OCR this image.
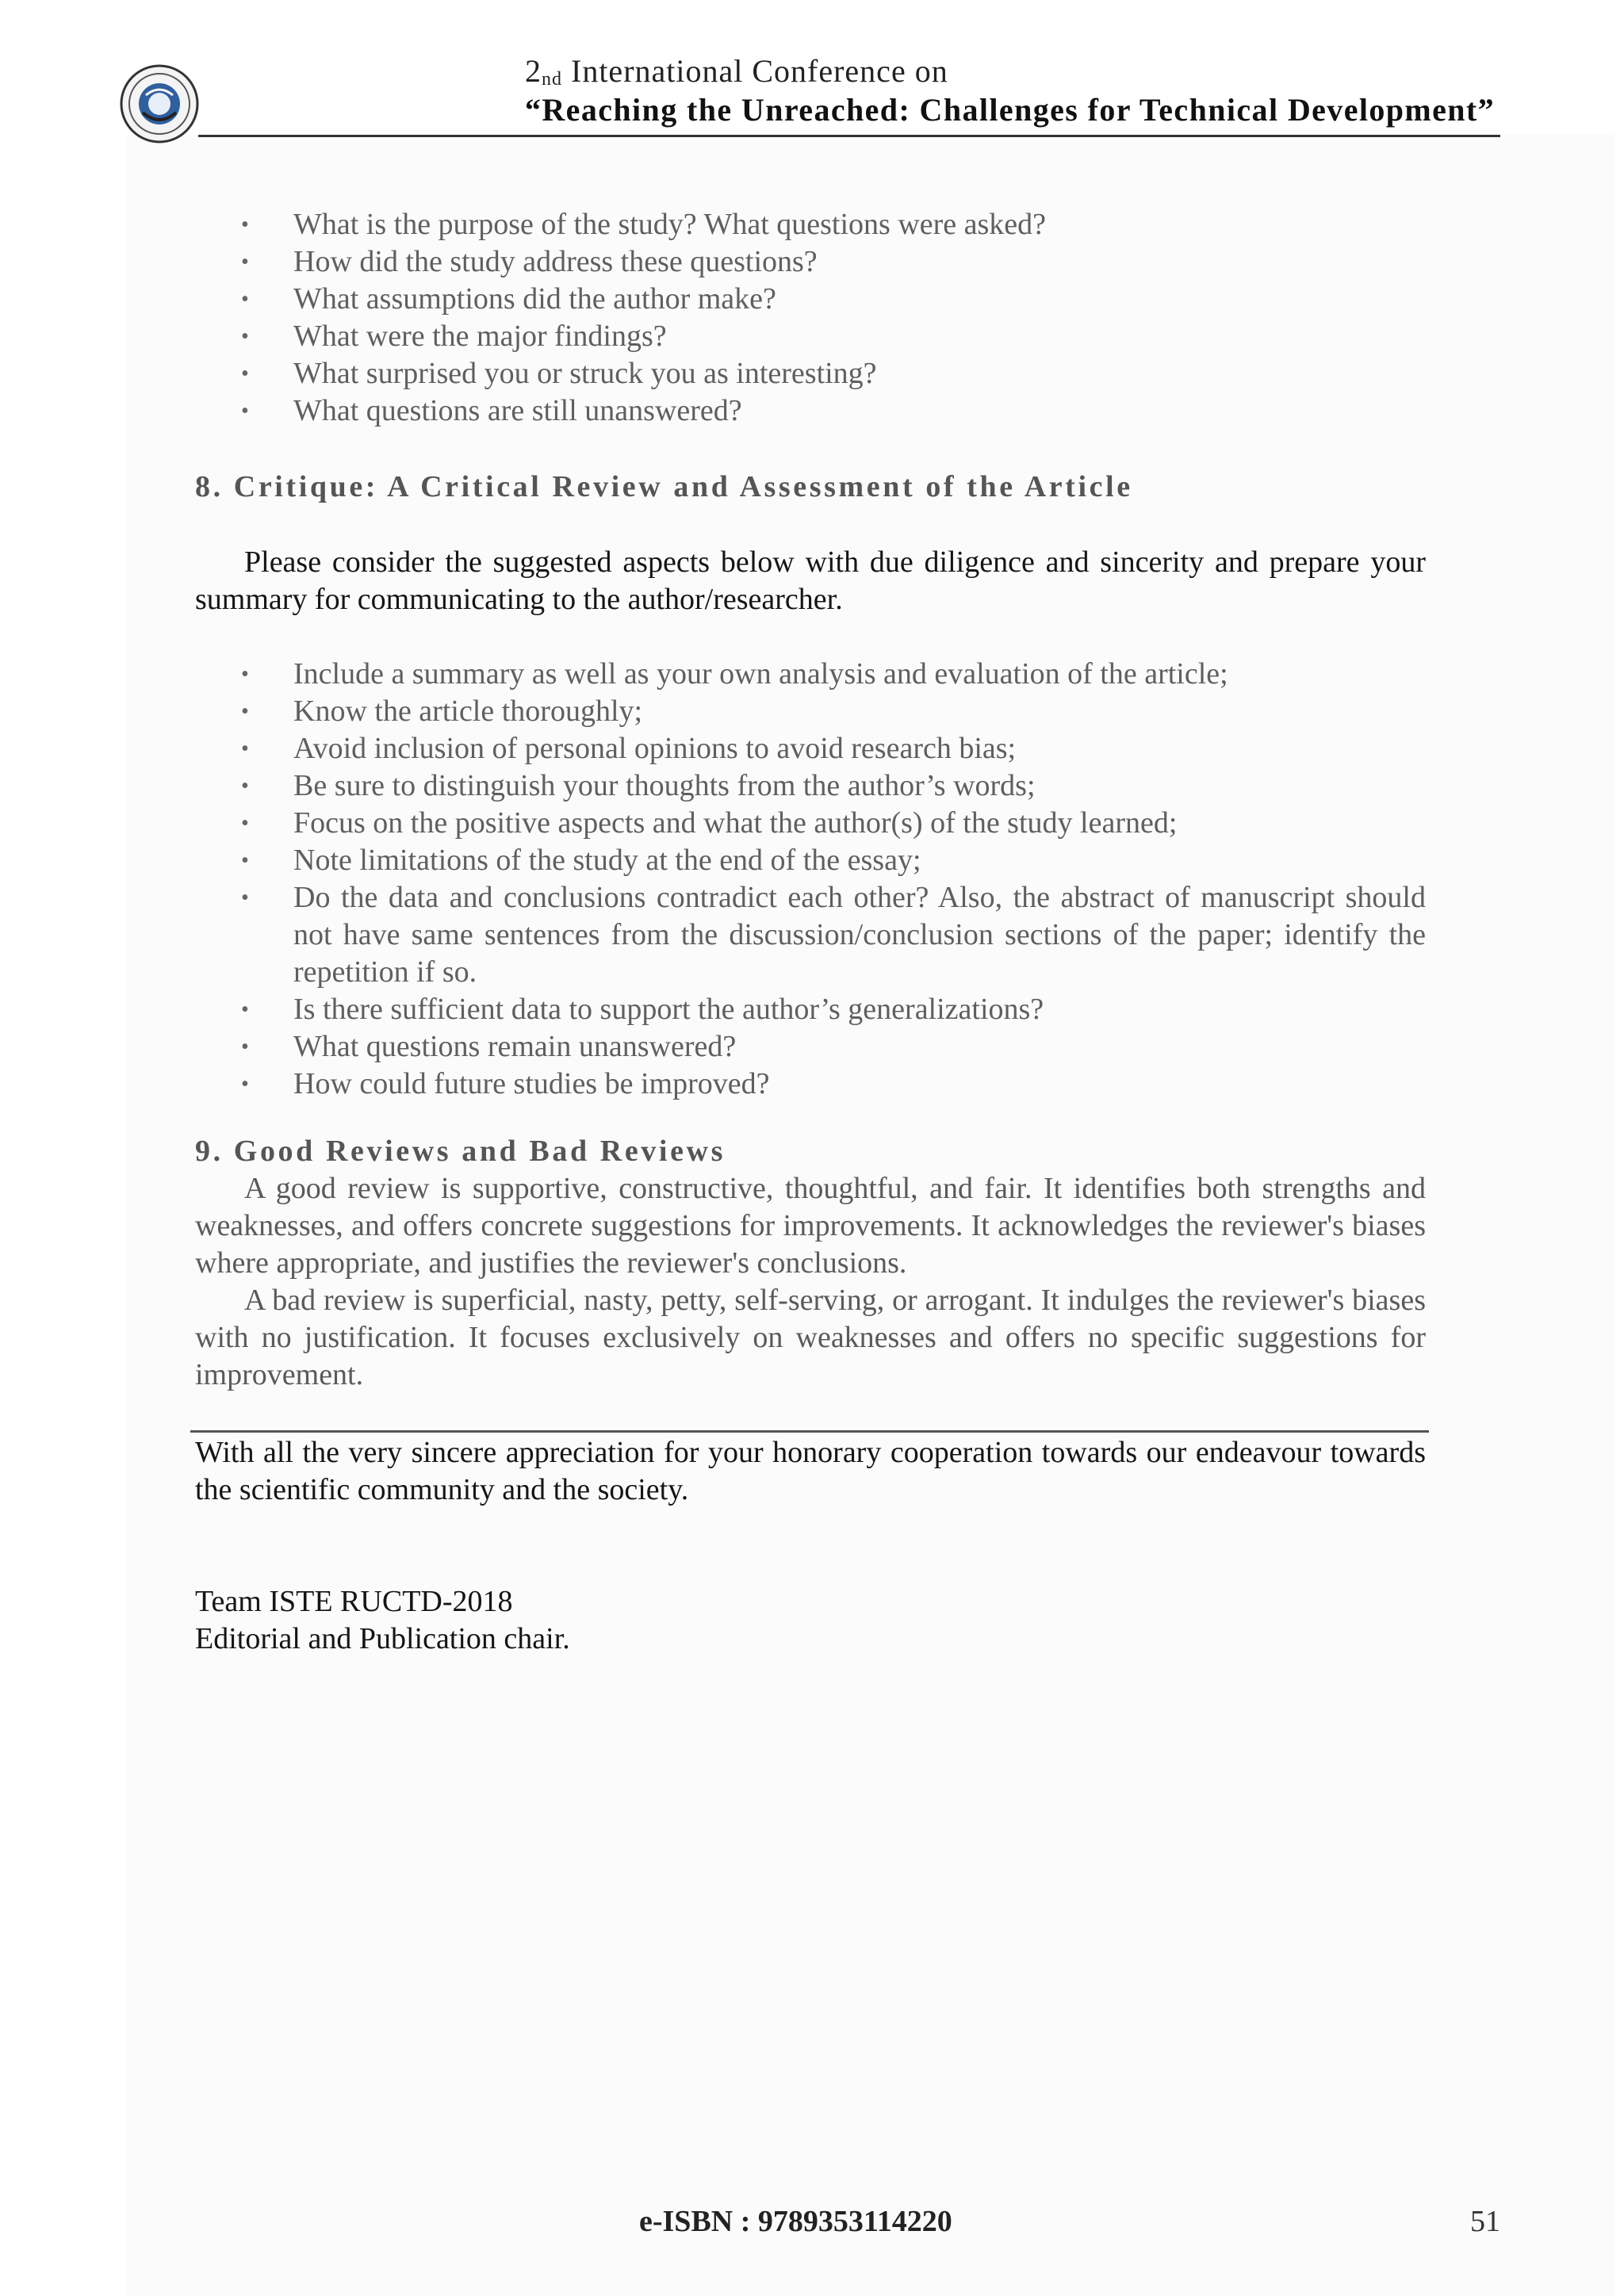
$2_{nd}$ International Conference on
“Reaching the Unreached: Challenges for Technical Development”
• What is the purpose of the study? What questions were asked?
• How did the study address these questions?
• What assumptions did the author make?
• What were the major findings?
• What surprised you or struck you as interesting?
• What questions are still unanswered?
8. Critique: A Critical Review and Assessment of the Article

Please consider the suggested aspects below with due diligence and sincerity and prepare your summary for communicating to the author/researcher.

• Include a summary as well as your own analysis and evaluation of the article;
• Know the article thoroughly;
• Avoid inclusion of personal opinions to avoid research bias;
• Be sure to distinguish your thoughts from the author’s words;
• Focus on the positive aspects and what the author(s) of the study learned;
• Note limitations of the study at the end of the essay;
• Do the data and conclusions contradict each other? Also, the abstract of manuscript should not have same sentences from the discussion/conclusion sections of the paper; identify the repetition if so.
• Is there sufficient data to support the author’s generalizations?
• What questions remain unanswered?
• How could future studies be improved?
9. Good Reviews and Bad Reviews

A good review is supportive, constructive, thoughtful, and fair. It identifies both strengths and weaknesses, and offers concrete suggestions for improvements. It acknowledges the reviewer's biases where appropriate, and justifies the reviewer's conclusions.

A bad review is superficial, nasty, petty, self-serving, or arrogant. It indulges the reviewer's biases with no justification. It focuses exclusively on weaknesses and offers no specific suggestions for improvement.

With all the very sincere appreciation for your honorary cooperation towards our endeavour towards the scientific community and the society.

Team ISTE RUCTD-2018

Editorial and Publication chair.

e-ISBN : 9789353114220	51
